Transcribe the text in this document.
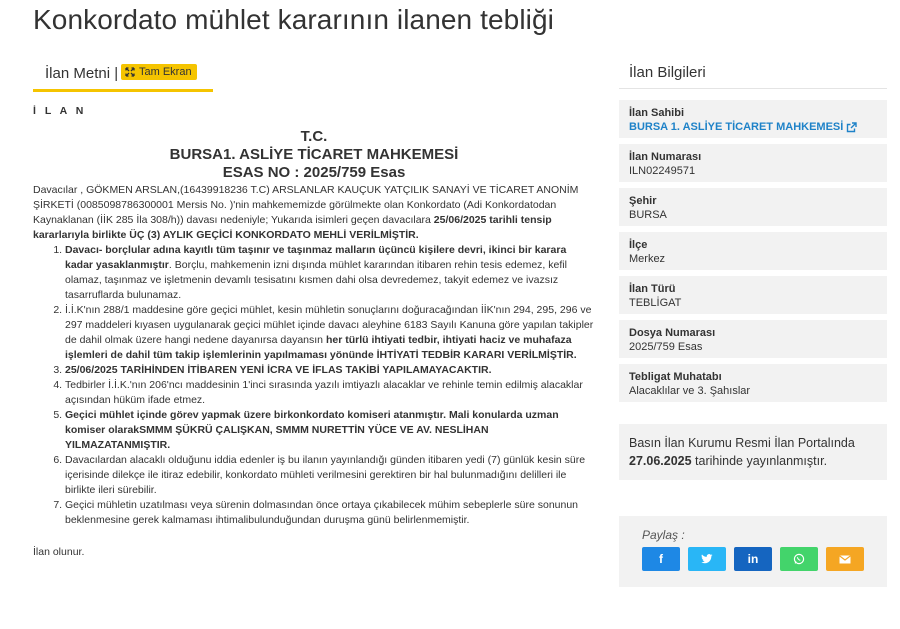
Konkordato mühlet kararının ilanen tebliği
İlan Metni | Tam Ekran
İ L A N

T.C.

BURSA1. ASLİYE TİCARET MAHKEMESİ

ESAS NO : 2025/759 Esas

Davacılar , GÖKMEN ARSLAN,(16439918236 T.C) ARSLANLAR KAUÇUK YATÇILIK SANAYİ VE TİCARET ANONİM ŞİRKETİ (0085098786300001 Mersis No. )'nin mahkememizde görülmekte olan Konkordato (Adi Konkordatodan Kaynaklanan (İİK 285 İla 308/h)) davası nedeniyle; Yukarıda isimleri geçen davacılara 25/06/2025 tarihli tensip kararlarıyla birlikte ÜÇ (3) AYLIK GEÇİCİ KONKORDATO MEHLİ VERİLMİŞTİR.

1. Davacı- borçlular adına kayıtlı tüm taşınır ve taşınmaz malların üçüncü kişilere devri, ikinci bir karara kadar yasaklanmıştır. Borçlu, mahkemenin izni dışında mühlet kararından itibaren rehin tesis edemez, kefil olamaz, taşınmaz ve işletmenin devamlı tesisatını kısmen dahi olsa devredemez, takyit edemez ve ivazsız tasarruflarda bulunamaz.
2. İ.İ.K'nın 288/1 maddesine göre geçici mühlet, kesin mühletin sonuçlarını doğuracağından İİK'nın 294, 295, 296 ve 297 maddeleri kıyasen uygulanarak geçici mühlet içinde davacı aleyhine 6183 Sayılı Kanuna göre yapılan takipler de dahil olmak üzere hangi nedene dayanırsa dayansın her türlü ihtiyati tedbir, ihtiyati haciz ve muhafaza işlemleri de dahil tüm takip işlemlerinin yapılmaması yönünde İHTİYATİ TEDBİR KARARI VERİLMİŞTİR.
3. 25/06/2025 TARİHİNDEN İTİBAREN YENİ İCRA VE İFLAS TAKİBİ YAPILAMAYACAKTIR.
4. Tedbirler İ.İ.K.'nın 206'ncı maddesinin 1'inci sırasında yazılı imtiyazlı alacaklar ve rehinle temin edilmiş alacaklar açısından hüküm ifade etmez.
5. Geçici mühlet içinde görev yapmak üzere birkonkordato komiseri atanmıştır. Mali konularda uzman komiser olarakSMMM ŞÜKRÜ ÇALIŞKAN, SMMM NURETTİN YÜCE VE AV. NESLİHAN YILMAZATANMIŞTIR.
6. Davacılardan alacaklı olduğunu iddia edenler iş bu ilanın yayınlandığı günden itibaren yedi (7) günlük kesin süre içerisinde dilekçe ile itiraz edebilir, konkordato mühleti verilmesini gerektiren bir hal bulunmadığını delilleri ile birlikte ileri sürebilir.
7. Geçici mühletin uzatılması veya sürenin dolmasından önce ortaya çıkabilecek mühim sebeplerle süre sonunun beklenmesine gerek kalmaması ihtimalibulunduğundan duruşma günü belirlenmemiştir.
İlan olunur.
İlan Bilgileri
İlan Sahibi
BURSA 1. ASLİYE TİCARET MAHKEMESİ
İlan Numarası
ILN02249571
Şehir
BURSA
İlçe
Merkez
İlan Türü
TEBLİGAT
Dosya Numarası
2025/759 Esas
Tebligat Muhatabı
Alacaklılar ve 3. Şahıslar
Basın İlan Kurumu Resmi İlan Portalında 27.06.2025 tarihinde yayınlanmıştır.
Paylaş :
f	in
